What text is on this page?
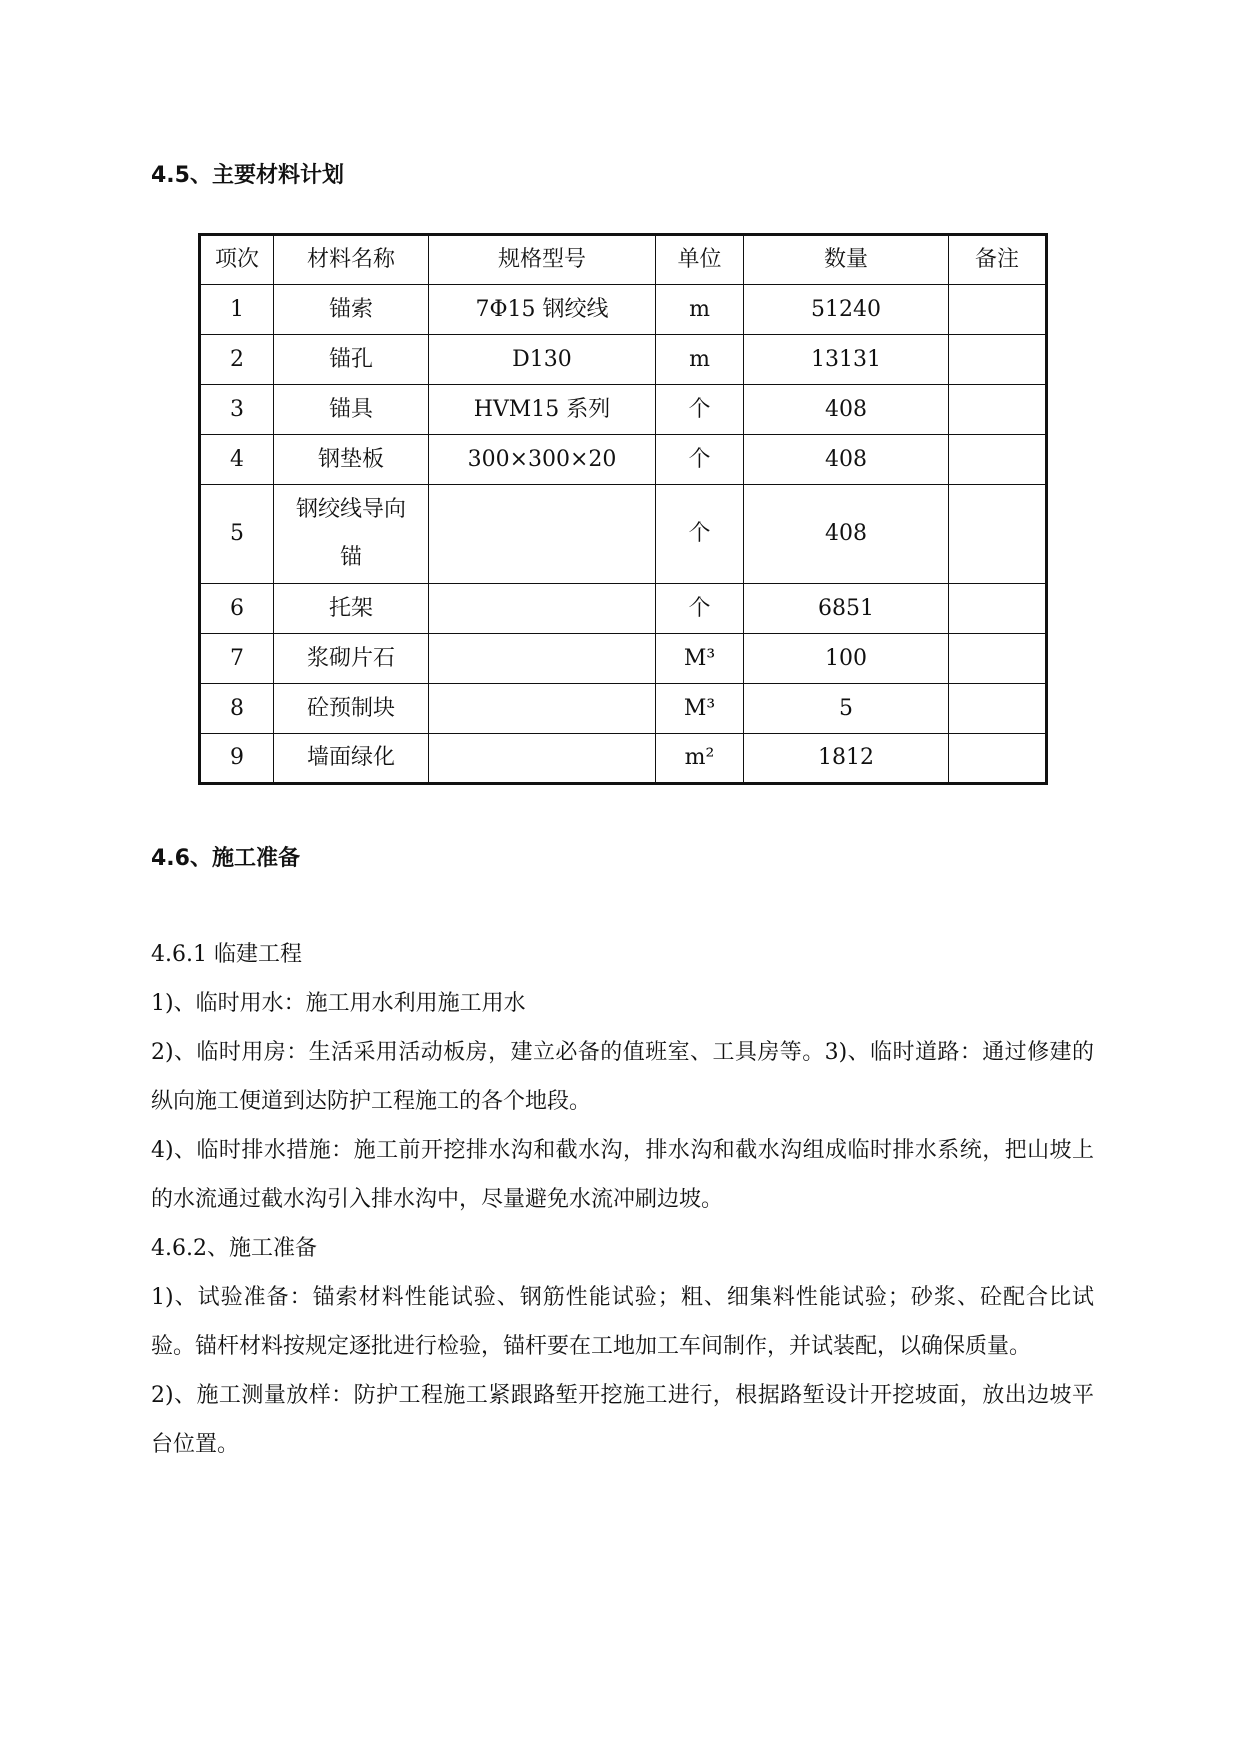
4.5、主要材料计划
项次	材料名称	规格型号	单位	数量	备注
1	锚索	7Φ15 钢绞线	m	51240	
2	锚孔	D130	m	13131	
3	锚具	HVM15 系列	个	408	
4	钢垫板	300×300×20	个	408	
5	钢绞线导向
锚		个	408	
6	托架		个	6851	
7	浆砌片石		M³	100	
8	砼预制块		M³	5	
9	墙面绿化		m²	1812	
4.6、施工准备

4.6.1 临建工程

1)、临时用水：施工用水利用施工用水

2)、临时用房：生活采用活动板房，建立必备的值班室、工具房等。3)、临时道路：通过修建的纵向施工便道到达防护工程施工的各个地段。

4)、临时排水措施：施工前开挖排水沟和截水沟，排水沟和截水沟组成临时排水系统，把山坡上的水流通过截水沟引入排水沟中，尽量避免水流冲刷边坡。

4.6.2、施工准备

1)、试验准备：锚索材料性能试验、钢筋性能试验；粗、细集料性能试验；砂浆、砼配合比试验。锚杆材料按规定逐批进行检验，锚杆要在工地加工车间制作，并试装配，以确保质量。

2)、施工测量放样：防护工程施工紧跟路堑开挖施工进行，根据路堑设计开挖坡面，放出边坡平台位置。
